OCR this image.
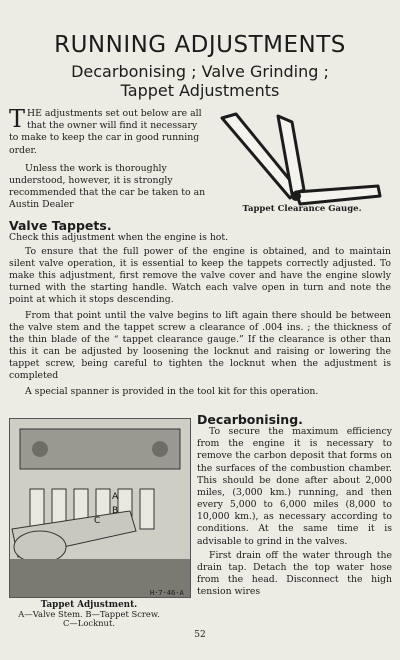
RUNNING ADJUSTMENTS
Decarbonising ; Valve Grinding ;
Tappet Adjustments

THE adjustments set out below are all that the owner will find it necessary to make to keep the car in good running order.

Unless the work is thoroughly understood, however, it is strongly recommended that the car be taken to an Austin Dealer	Tappet Clearance Gauge.
Valve Tappets.

Check this adjustment when the engine is hot.

To ensure that the full power of the engine is obtained, and to maintain silent valve operation, it is essential to keep the tappets correctly adjusted. To make this adjustment, first remove the valve cover and have the engine slowly turned with the starting handle. Watch each valve open in turn and note the point at which it stops descending.

From that point until the valve begins to lift again there should be between the valve stem and the tappet screw a clearance of .004 ins. ; the thickness of the thin blade of the “ tappet clearance gauge.” If the clearance is other than this it can be adjusted by loosening the locknut and raising or lowering the tappet screw, being careful to tighten the locknut when the adjustment is completed

A special spanner is provided in the tool kit for this operation.

A
B
C
H·7·46·A
Tappet Adjustment.
A—Valve Stem. B—Tappet Screw.
C—Locknut.
Decarbonising.

To secure the maximum efficiency from the engine it is necessary to remove the carbon deposit that forms on the surfaces of the combustion chamber. This should be done after about 2,000 miles, (3,000 km.) running, and then every 5,000 to 6,000 miles (8,000 to 10,000 km.), as necessary according to conditions. At the same time it is advisable to grind in the valves.

First drain off the water through the drain tap. Detach the top water hose from the head. Disconnect the high tension wires

52
